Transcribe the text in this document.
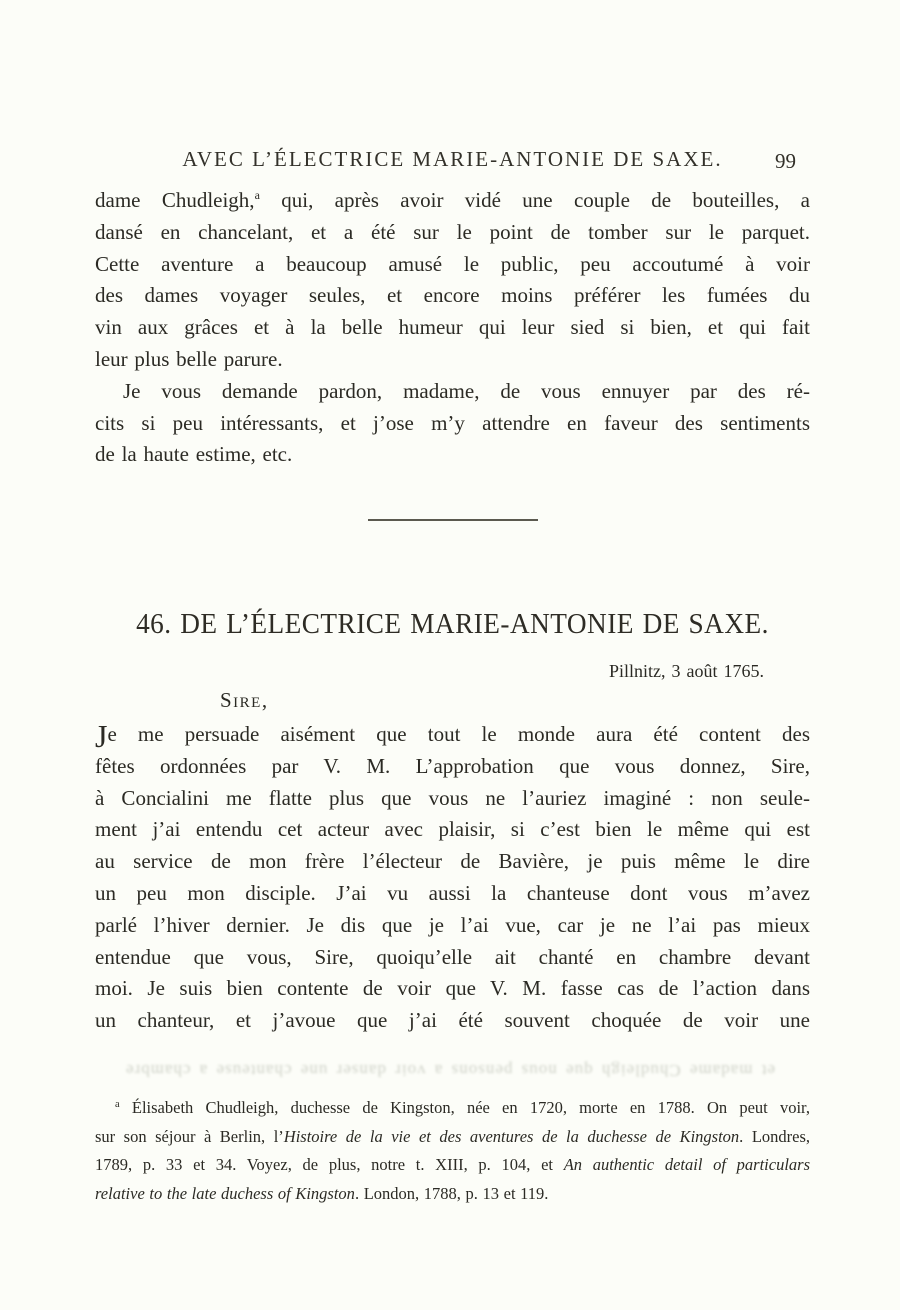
AVEC L’ÉLECTRICE MARIE-ANTONIE DE SAXE.	99
dame Chudleigh,$^a$ qui, après avoir vidé une couple de bouteilles, a
dansé en chancelant, et a été sur le point de tomber sur le parquet.
Cette aventure a beaucoup amusé le public, peu accoutumé à voir
des dames voyager seules, et encore moins préférer les fumées du
vin aux grâces et à la belle humeur qui leur sied si bien, et qui fait
leur plus belle parure.
Je vous demande pardon, madame, de vous ennuyer par des ré-
cits si peu intéressants, et j’ose m’y attendre en faveur des sentiments
de la haute estime, etc.
46. DE L’ÉLECTRICE MARIE-ANTONIE DE SAXE.
Pillnitz, 3 août 1765.
Sire,
Je me persuade aisément que tout le monde aura été content des
fêtes ordonnées par V. M. L’approbation que vous donnez, Sire,
à Concialini me flatte plus que vous ne l’auriez imaginé : non seule-
ment j’ai entendu cet acteur avec plaisir, si c’est bien le même qui est
au service de mon frère l’électeur de Bavière, je puis même le dire
un peu mon disciple. J’ai vu aussi la chanteuse dont vous m’avez
parlé l’hiver dernier. Je dis que je l’ai vue, car je ne l’ai pas mieux
entendue que vous, Sire, quoiqu’elle ait chanté en chambre devant
moi. Je suis bien contente de voir que V. M. fasse cas de l’action dans
un chanteur, et j’avoue que j’ai été souvent choquée de voir une
et madame Chudleigh que nous pensons a voir danser une chanteuse a chambre
$^a$ Élisabeth Chudleigh, duchesse de Kingston, née en 1720, morte en 1788. On peut voir,
sur son séjour à Berlin, l’Histoire de la vie et des aventures de la duchesse de Kingston. Londres,
1789, p. 33 et 34. Voyez, de plus, notre t. XIII, p. 104, et An authentic detail of particulars
relative to the late duchess of Kingston. London, 1788, p. 13 et 119.
